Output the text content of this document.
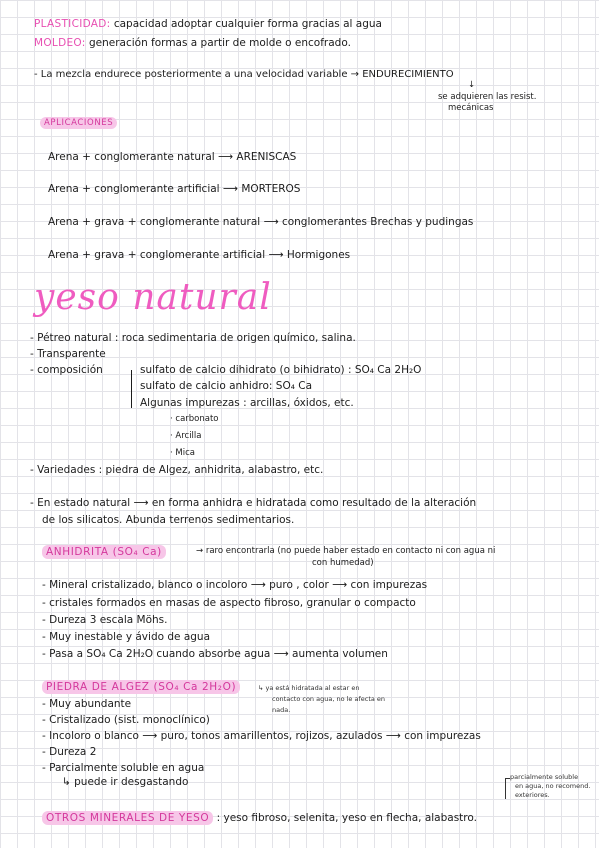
PLASTICIDAD: capacidad adoptar cualquier forma gracias al agua
MOLDEO: generación formas a partir de molde o encofrado.
- La mezcla endurece posteriormente a una velocidad variable → ENDURECIMIENTO
↓
se adquieren las resist.
mecánicas
APLICACIONES
Arena + conglomerante natural ⟶ ARENISCAS
Arena + conglomerante artificial ⟶ MORTEROS
Arena + grava + conglomerante natural ⟶ conglomerantes Brechas y pudingas
Arena + grava + conglomerante artificial ⟶ Hormigones
yeso natural
- Pétreo natural : roca sedimentaria de origen químico, salina.
- Transparente
- composición	sulfato de calcio dihidrato (o bihidrato) : SO₄ Ca 2H₂O
sulfato de calcio anhidro: SO₄ Ca
Algunas impurezas : arcillas, óxidos, etc.
· carbonato
· Arcilla
· Mica
- Variedades : piedra de Algez, anhidrita, alabastro, etc.
- En estado natural ⟶ en forma anhidra e hidratada como resultado de la alteración
de los silicatos. Abunda terrenos sedimentarios.
ANHIDRITA (SO₄ Ca)	→ raro encontrarla (no puede haber estado en contacto ni con agua ni
con humedad)
- Mineral cristalizado, blanco o incoloro ⟶ puro , color ⟶ con impurezas
- cristales formados en masas de aspecto fibroso, granular o compacto
- Dureza 3 escala Möhs.
- Muy inestable y ávido de agua
- Pasa a SO₄ Ca 2H₂O cuando absorbe agua ⟶ aumenta volumen
PIEDRA DE ALGEZ (SO₄ Ca 2H₂O)	↳ ya está hidratada al estar en
contacto con agua, no le afecta en
nada.
- Muy abundante
- Cristalizado (sist. monoclínico)
- Incoloro o blanco ⟶ puro, tonos amarillentos, rojizos, azulados ⟶ con impurezas
- Dureza 2
- Parcialmente soluble en agua
↳ puede ir desgastando	parcialmente soluble
en agua, no recomend.
exteriores.
OTROS MINERALES DE YESO : yeso fibroso, selenita, yeso en flecha, alabastro.
